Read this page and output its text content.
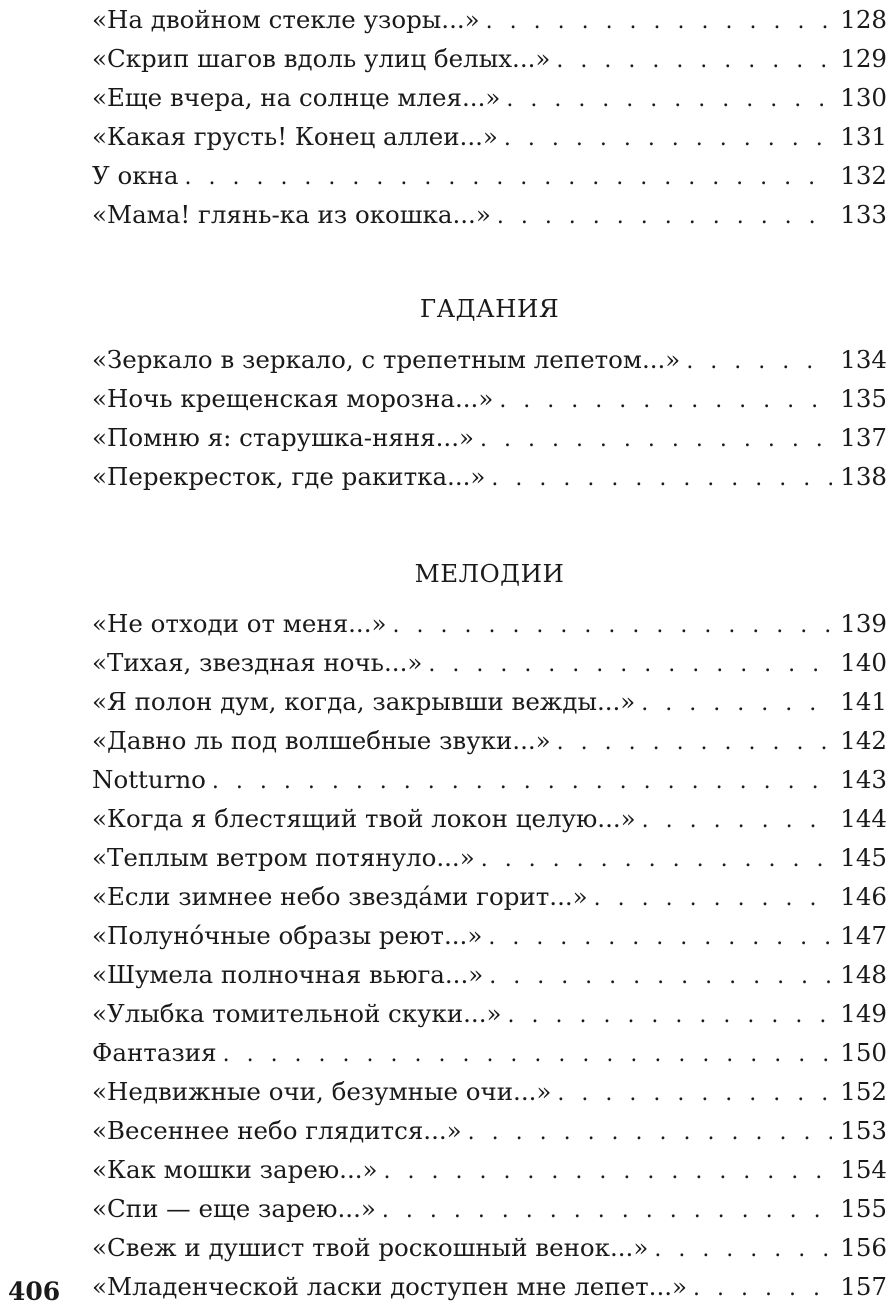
«На двойном стекле узоры...» . . .	128
«Скрип шагов вдоль улиц белых...» . . .	129
«Еще вчера, на солнце млея...» . . .	130
«Какая грусть! Конец аллеи...» . . .	131
У окна . . .	132
«Мама! глянь-ка из окошка...» . . .	133
ГАДАНИЯ
«Зеркало в зеркало, с трепетным лепетом...» . . .	134
«Ночь крещенская морозна...» . . .	135
«Помню я: старушка-няня...» . . .	137
«Перекресток, где ракитка...» . . .	138
МЕЛОДИИ
«Не отходи от меня...» . . .	139
«Тихая, звездная ночь...» . . .	140
«Я полон дум, когда, закрывши вежды...» . . .	141
«Давно ль под волшебные звуки...» . . .	142
Notturno . . .	143
«Когда я блестящий твой локон целую...» . . .	144
«Теплым ветром потянуло...» . . .	145
«Если зимнее небо звезда́ми горит...» . . .	146
«Полуно́чные образы реют...» . . .	147
«Шумела полночная вьюга...» . . .	148
«Улыбка томительной скуки...» . . .	149
Фантазия . . .	150
«Недвижные очи, безумные очи...» . . .	152
«Весеннее небо глядится...» . . .	153
«Как мошки зарею...» . . .	154
«Спи — еще зарею...» . . .	155
«Свеж и душист твой роскошный венок...» . . .	156
«Младенческой ласки доступен мне лепет...» . . .	157
406
